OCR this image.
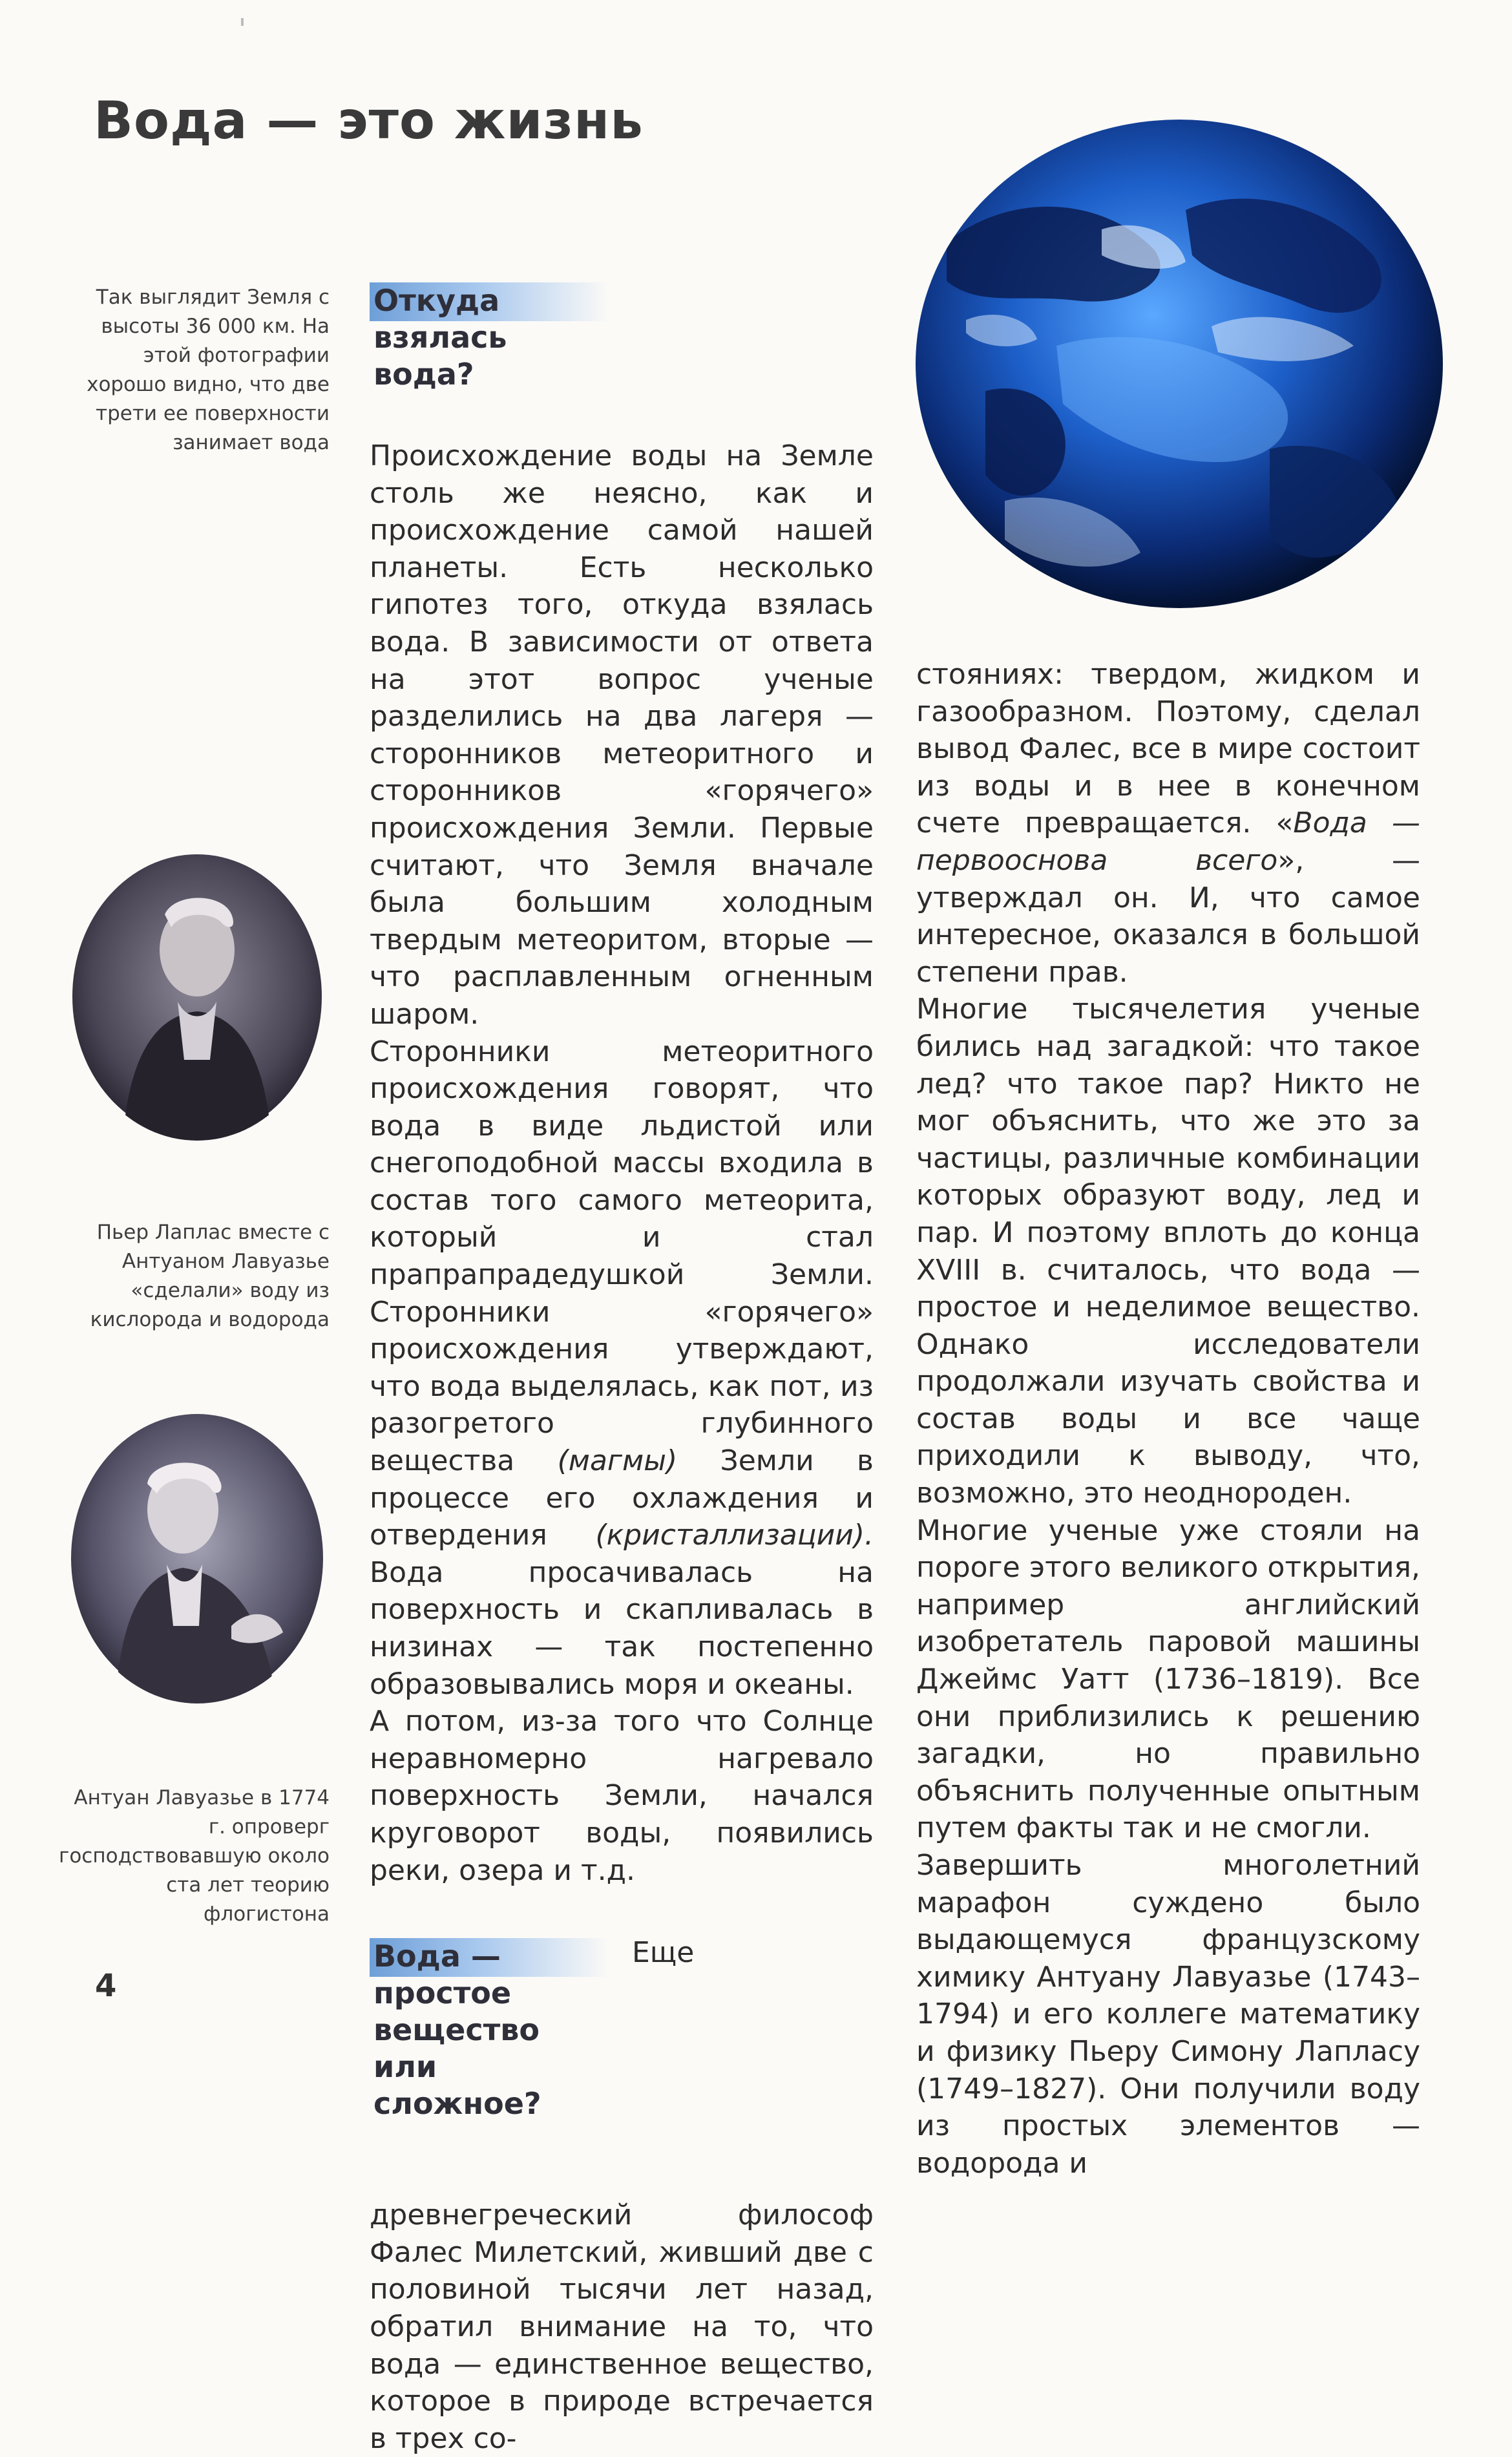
Вода — это жизнь
Так выглядит Земля с высоты 36 000 км. На этой фотографии хорошо видно, что две трети ее поверхности занимает вода
Пьер Лаплас вместе с Антуаном Лавуазье «сделали» воду из кислорода и водорода
Антуан Лавуазье в 1774 г. опроверг господствовавшую около ста лет теорию флогистона
Откуда
взялась
вода?

Происхождение воды на Земле столь же неясно, как и происхождение самой нашей планеты. Есть несколько гипотез того, откуда взялась вода. В зависимости от ответа на этот вопрос ученые разделились на два лагеря — сторонников метеоритного и сторонников «горячего» происхождения Земли. Первые считают, что Земля вначале была большим холодным твердым метеоритом, вторые — что расплавленным огненным шаром.

Сторонники метеоритного происхождения говорят, что вода в виде льдистой или снегоподобной массы входила в состав того самого метеорита, который и стал прапрапрадедушкой Земли. Сторонники «горячего» происхождения утверждают, что вода выделялась, как пот, из разогретого глубинного вещества (магмы) Земли в процессе его охлаждения и отвердения (кристаллизации). Вода просачивалась на поверхность и скапливалась в низинах — так постепенно образовывались моря и океаны.

А потом, из-за того что Солнце неравномерно нагревало поверхность Земли, начался круговорот воды, появились реки, озера и т.д.

Вода —
простое
вещество
или
сложное?

Еще древнегреческий философ Фалес Милетский, живший две с половиной тысячи лет назад, обратил внимание на то, что вода — единственное вещество, которое в природе встречается в трех со-

стояниях: твердом, жидком и газообразном. Поэтому, сделал вывод Фалес, все в мире состоит из воды и в нее в конечном счете превращается. «Вода — первооснова всего», — утверждал он. И, что самое интересное, оказался в большой степени прав.

Многие тысячелетия ученые бились над загадкой: что такое лед? что такое пар? Никто не мог объяснить, что же это за частицы, различные комбинации которых образуют воду, лед и пар. И поэтому вплоть до конца XVIII в. считалось, что вода — простое и неделимое вещество. Однако исследователи продолжали изучать свойства и состав воды и все чаще приходили к выводу, что, возможно, это неоднороден.

Многие ученые уже стояли на пороге этого великого открытия, например английский изобретатель паровой машины Джеймс Уатт (1736–1819). Все они приблизились к решению загадки, но правильно объяснить полученные опытным путем факты так и не смогли.

Завершить многолетний марафон суждено было выдающемуся французскому химику Антуану Лавуазье (1743–1794) и его коллеге математику и физику Пьеру Симону Лапласу (1749–1827). Они получили воду из простых элементов — водорода и

4
